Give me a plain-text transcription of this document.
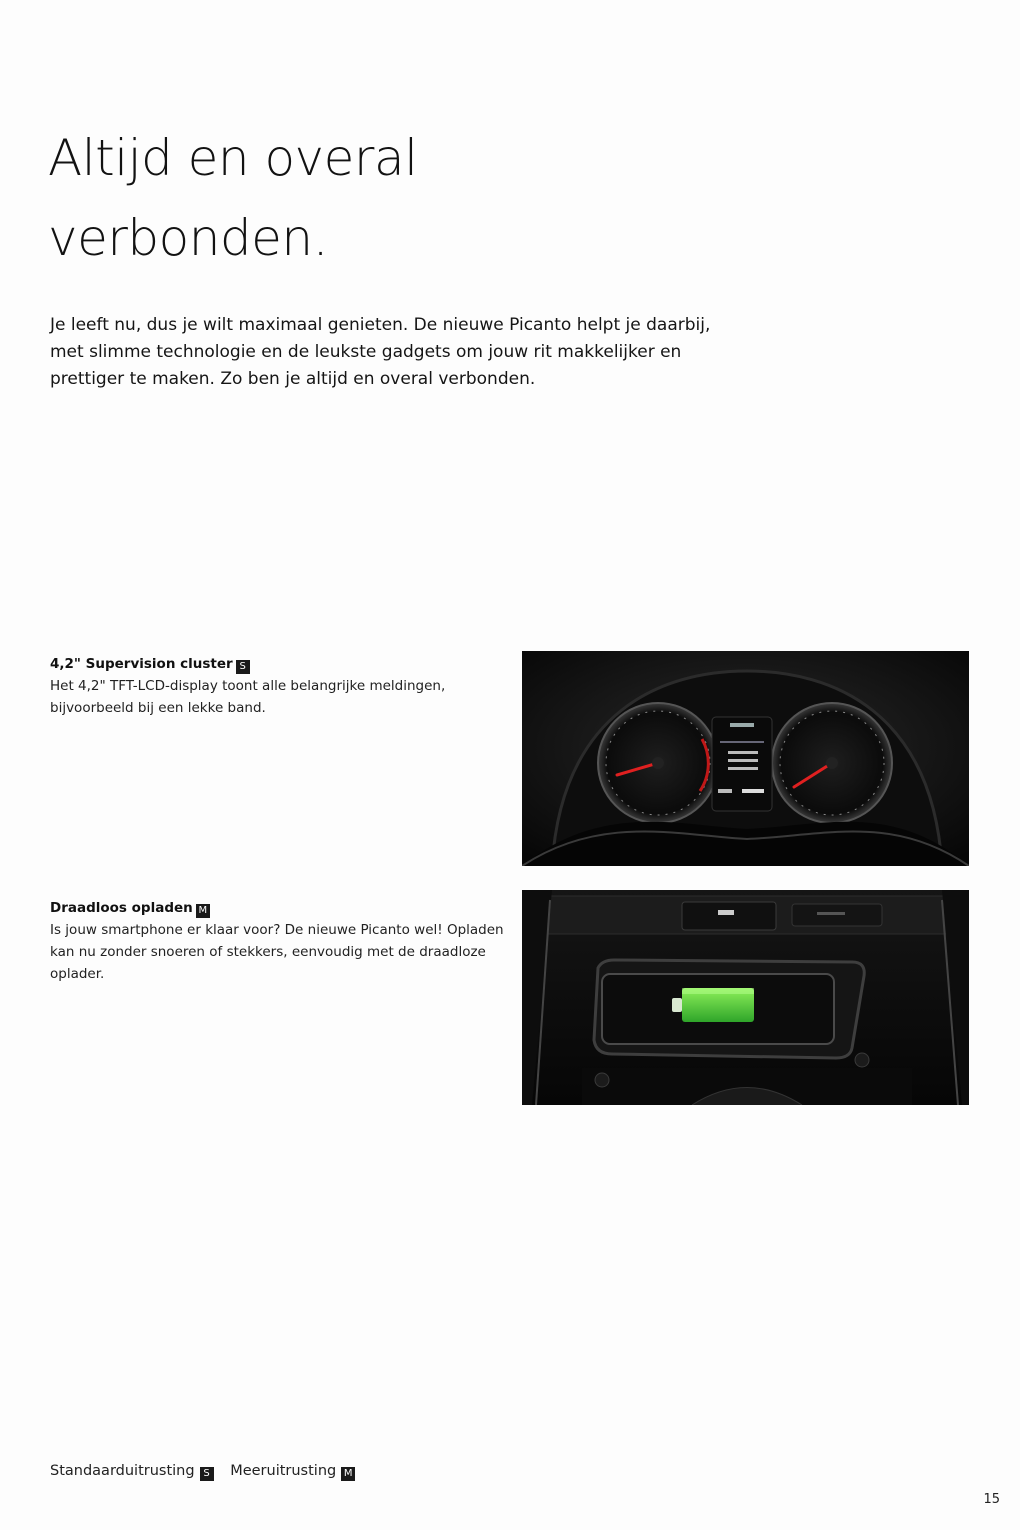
Altijd en overal
verbonden.

Je leeft nu, dus je wilt maximaal genieten. De nieuwe Picanto helpt je daarbij, met slimme technologie en de leukste gadgets om jouw rit makkelijker en prettiger te maken. Zo ben je altijd en overal verbonden.

4,2" Supervision cluster S
Het 4,2" TFT-LCD-display toont alle belangrijke meldingen, bijvoorbeeld bij een lekke band.
Draadloos opladen M
Is jouw smartphone er klaar voor? De nieuwe Picanto wel! Opladen kan nu zonder snoeren of stekkers, eenvoudig met de draadloze oplader.
Standaarduitrusting S Meeruitrusting M
15
